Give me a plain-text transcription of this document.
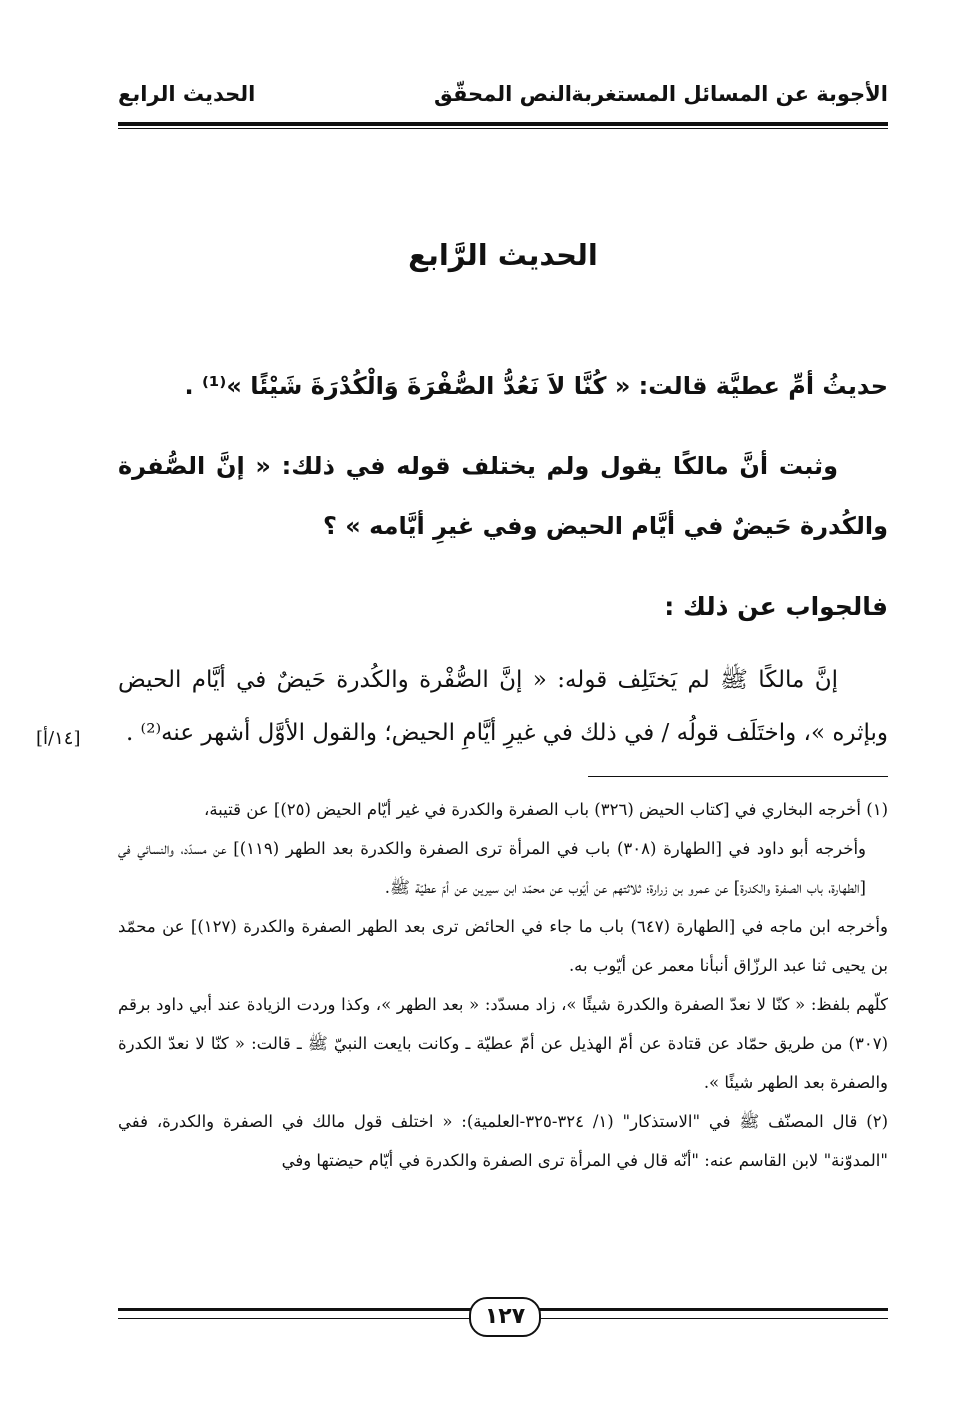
الأجوبة عن المسائل المستغربة
النص المحقّق
الحديث الرابع
الحديث الرَّابع
حديثُ أمِّ عطيَّة قالت: « كُنَّا لاَ نَعُدُّ الصُّفْرَةَ وَالْكُدْرَةَ شَيْئًا »⁽¹⁾ .
وثبت أنَّ مالكًا يقول ولم يختلف قوله في ذلك: « إنَّ الصُّفرة والكُدرة حَيضٌ في أيَّام الحيض وفي غيرِ أيَّامه » ؟
فالجواب عن ذلك :
إنَّ مالكًا ﷺ لم يَختَلِف قوله: « إنَّ الصُّفْرة والكُدرة حَيضٌ في أيَّام الحيض وبإثره »، واختَلَف قولُه / في ذلك في غيرِ أيَّامِ الحيض؛ والقول الأوَّل أشهر عنه⁽²⁾ .
[١٤/أ]

(١) أخرجه البخاري في [كتاب الحيض (٣٢٦) باب الصفرة والكدرة في غير أيّام الحيض (٢٥)] عن قتيبة،

وأخرجه أبو داود في [الطهارة (٣٠٨) باب في المرأة ترى الصفرة والكدرة بعد الطهر (١١٩)] عن مسدّد، والنسائي في [الطهارة، باب الصفرة والكدرة] عن عمرو بن زرارة؛ ثلاثتهم عن أيّوب عن محمّد ابن سيرين عن أمّ عطيّة ﷺ.

وأخرجه ابن ماجه في [الطهارة (٦٤٧) باب ما جاء في الحائض ترى بعد الطهر الصفرة والكدرة (١٢٧)] عن محمّد بن يحيى ثنا عبد الرزّاق أنبأنا معمر عن أيّوب به.

كلّهم بلفظ: « كنّا لا نعدّ الصفرة والكدرة شيئًا »، زاد مسدّد: « بعد الطهر »، وكذا وردت الزيادة عند أبي داود برقم (٣٠٧) من طريق حمّاد عن قتادة عن أمّ الهذيل عن أمّ عطيّة ـ وكانت بايعت النبيّ ﷺ ـ قالت: « كنّا لا نعدّ الكدرة والصفرة بعد الطهر شيئًا ».

(٢) قال المصنّف ﷺ في "الاستذكار" (١/ ٣٢٤-٣٢٥-العلمية): « اختلف قول مالك في الصفرة والكدرة، ففي "المدوّنة" لابن القاسم عنه: "أنّه قال في المرأة ترى الصفرة والكدرة في أيّام حيضتها وفي

١٢٧
